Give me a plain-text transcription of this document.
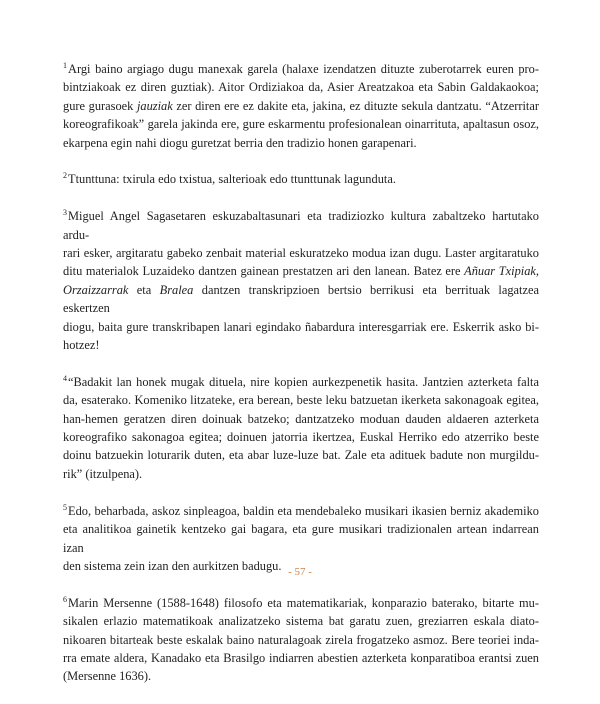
$^1$Argi baino argiago dugu manexak garela (halaxe izendatzen dituzte zuberotarrek euren pro-
bintziakoak ez diren guztiak). Aitor Ordiziakoa da, Asier Areatzakoa eta Sabin Galdakaokoa;
gure gurasoek jauziak zer diren ere ez dakite eta, jakina, ez dituzte sekula dantzatu. “Atzerritar
koreografikoak” garela jakinda ere, gure eskarmentu profesionalean oinarrituta, apaltasun osoz,
ekarpena egin nahi diogu guretzat berria den tradizio honen garapenari.
$^2$Ttunttuna: txirula edo txistua, salterioak edo ttunttunak lagunduta.
$^3$Miguel Angel Sagasetaren eskuzabaltasunari eta tradiziozko kultura zabaltzeko hartutako ardu-
rari esker, argitaratu gabeko zenbait material eskuratzeko modua izan dugu. Laster argitaratuko
ditu materialok Luzaideko dantzen gainean prestatzen ari den lanean. Batez ere Añuar Txipiak,
Orzaizzarrak eta Bralea dantzen transkripzioen bertsio berrikusi eta berrituak lagatzea eskertzen
diogu, baita gure transkribapen lanari egindako ñabardura interesgarriak ere. Eskerrik asko bi-
hotzez!
$^4$“Badakit lan honek mugak dituela, nire kopien aurkezpenetik hasita. Jantzien azterketa falta
da, esaterako. Komeniko litzateke, era berean, beste leku batzuetan ikerketa sakonagoak egitea,
han-hemen geratzen diren doinuak batzeko; dantzatzeko moduan dauden aldaeren azterketa
koreografiko sakonagoa egitea; doinuen jatorria ikertzea, Euskal Herriko edo atzerriko beste
doinu batzuekin loturarik duten, eta abar luze-luze bat. Zale eta adituek badute non murgildu-
rik” (itzulpena).
$^5$Edo, beharbada, askoz sinpleagoa, baldin eta mendebaleko musikari ikasien berniz akademiko
eta analitikoa gainetik kentzeko gai bagara, eta gure musikari tradizionalen artean indarrean izan
den sistema zein izan den aurkitzen badugu.
$^6$Marin Mersenne (1588-1648) filosofo eta matematikariak, konparazio baterako, bitarte mu-
sikalen erlazio matematikoak analizatzeko sistema bat garatu zuen, greziarren eskala diato-
nikoaren bitarteak beste eskalak baino naturalagoak zirela frogatzeko asmoz. Bere teoriei inda-
rra emate aldera, Kanadako eta Brasilgo indiarren abestien azterketa konparatiboa erantsi zuen
(Mersenne 1636).
- 57 -
